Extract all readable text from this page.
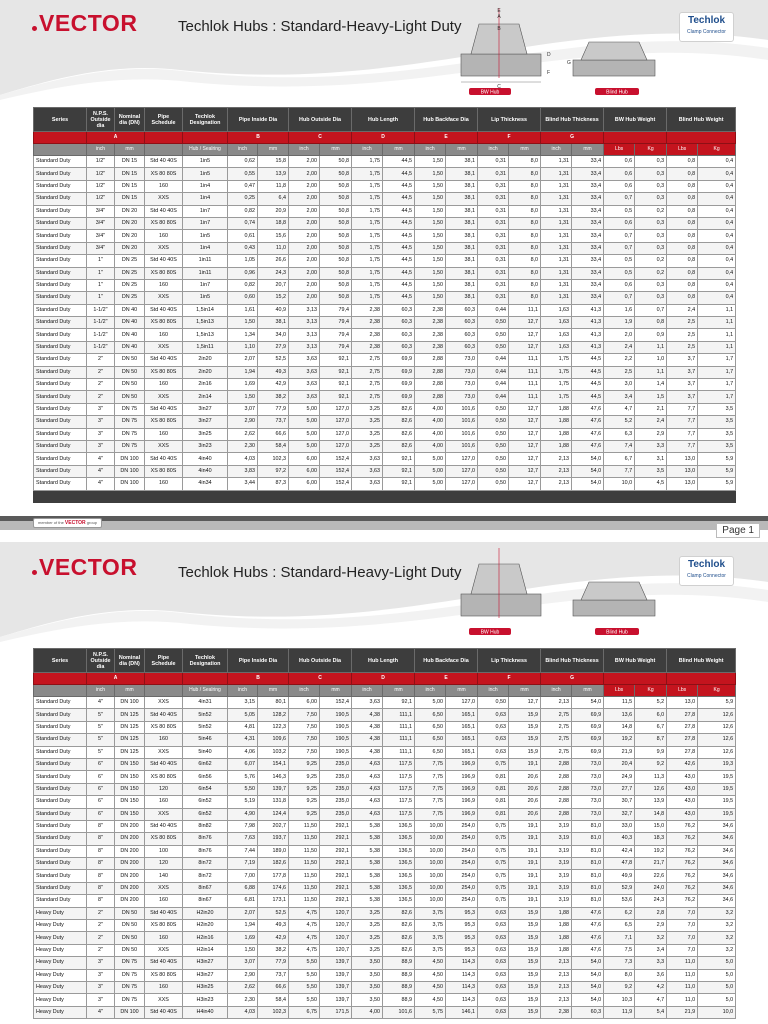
VECTOR	Techlok Hubs : Standard-Heavy-Light Duty
BW Hub
E
A
B
C
D
F
G
Blind Hub
Techlok
Clamp Connector
Series	N.P.S. Outside dia	Nominal dia (DN)	Pipe Schedule	Techlok Designation	Pipe Inside Dia		Hub Outside Dia		Hub Length		Hub Backface Dia		Lip Thickness		Blind Hub Thickness		BW Hub Weight		Blind Hub Weight	
	A				B		C		D		E		F		G					
	inch	mm		Hub / Sealring	inch	mm	inch	mm	inch	mm	inch	mm	inch	mm	inch	mm	Lbs	Kg	Lbs	Kg
Standard Duty	1/2"	DN 15	Std 40 40S	1in5	0,62	15,8	2,00	50,8	1,75	44,5	1,50	38,1	0,31	8,0	1,31	33,4	0,6	0,3	0,8	0,4
Standard Duty	1/2"	DN 15	XS 80 80S	1in5	0,55	13,9	2,00	50,8	1,75	44,5	1,50	38,1	0,31	8,0	1,31	33,4	0,6	0,3	0,8	0,4
Standard Duty	1/2"	DN 15	160	1in4	0,47	11,8	2,00	50,8	1,75	44,5	1,50	38,1	0,31	8,0	1,31	33,4	0,6	0,3	0,8	0,4
Standard Duty	1/2"	DN 15	XXS	1in4	0,25	6,4	2,00	50,8	1,75	44,5	1,50	38,1	0,31	8,0	1,31	33,4	0,7	0,3	0,8	0,4
Standard Duty	3/4"	DN 20	Std 40 40S	1in7	0,82	20,9	2,00	50,8	1,75	44,5	1,50	38,1	0,31	8,0	1,31	33,4	0,5	0,2	0,8	0,4
Standard Duty	3/4"	DN 20	XS 80 80S	1in7	0,74	18,8	2,00	50,8	1,75	44,5	1,50	38,1	0,31	8,0	1,31	33,4	0,6	0,3	0,8	0,4
Standard Duty	3/4"	DN 20	160	1in5	0,61	15,6	2,00	50,8	1,75	44,5	1,50	38,1	0,31	8,0	1,31	33,4	0,7	0,3	0,8	0,4
Standard Duty	3/4"	DN 20	XXS	1in4	0,43	11,0	2,00	50,8	1,75	44,5	1,50	38,1	0,31	8,0	1,31	33,4	0,7	0,3	0,8	0,4
Standard Duty	1"	DN 25	Std 40 40S	1in11	1,05	26,6	2,00	50,8	1,75	44,5	1,50	38,1	0,31	8,0	1,31	33,4	0,5	0,2	0,8	0,4
Standard Duty	1"	DN 25	XS 80 80S	1in11	0,96	24,3	2,00	50,8	1,75	44,5	1,50	38,1	0,31	8,0	1,31	33,4	0,5	0,2	0,8	0,4
Standard Duty	1"	DN 25	160	1in7	0,82	20,7	2,00	50,8	1,75	44,5	1,50	38,1	0,31	8,0	1,31	33,4	0,6	0,3	0,8	0,4
Standard Duty	1"	DN 25	XXS	1in5	0,60	15,2	2,00	50,8	1,75	44,5	1,50	38,1	0,31	8,0	1,31	33,4	0,7	0,3	0,8	0,4
Standard Duty	1-1/2"	DN 40	Std 40 40S	1,5in14	1,61	40,9	3,13	79,4	2,38	60,3	2,38	60,3	0,44	11,1	1,63	41,3	1,6	0,7	2,4	1,1
Standard Duty	1-1/2"	DN 40	XS 80 80S	1,5in13	1,50	38,1	3,13	79,4	2,38	60,3	2,38	60,3	0,50	12,7	1,63	41,3	1,9	0,8	2,5	1,1
Standard Duty	1-1/2"	DN 40	160	1,5in13	1,34	34,0	3,13	79,4	2,38	60,3	2,38	60,3	0,50	12,7	1,63	41,3	2,0	0,9	2,5	1,1
Standard Duty	1-1/2"	DN 40	XXS	1,5in11	1,10	27,9	3,13	79,4	2,38	60,3	2,38	60,3	0,50	12,7	1,63	41,3	2,4	1,1	2,5	1,1
Standard Duty	2"	DN 50	Std 40 40S	2in20	2,07	52,5	3,63	92,1	2,75	69,9	2,88	73,0	0,44	11,1	1,75	44,5	2,2	1,0	3,7	1,7
Standard Duty	2"	DN 50	XS 80 80S	2in20	1,94	49,3	3,63	92,1	2,75	69,9	2,88	73,0	0,44	11,1	1,75	44,5	2,5	1,1	3,7	1,7
Standard Duty	2"	DN 50	160	2in16	1,69	42,9	3,63	92,1	2,75	69,9	2,88	73,0	0,44	11,1	1,75	44,5	3,0	1,4	3,7	1,7
Standard Duty	2"	DN 50	XXS	2in14	1,50	38,2	3,63	92,1	2,75	69,9	2,88	73,0	0,44	11,1	1,75	44,5	3,4	1,5	3,7	1,7
Standard Duty	3"	DN 75	Std 40 40S	3in27	3,07	77,9	5,00	127,0	3,25	82,6	4,00	101,6	0,50	12,7	1,88	47,6	4,7	2,1	7,7	3,5
Standard Duty	3"	DN 75	XS 80 80S	3in27	2,90	73,7	5,00	127,0	3,25	82,6	4,00	101,6	0,50	12,7	1,88	47,6	5,2	2,4	7,7	3,5
Standard Duty	3"	DN 75	160	3in25	2,62	66,6	5,00	127,0	3,25	82,6	4,00	101,6	0,50	12,7	1,88	47,6	6,3	2,9	7,7	3,5
Standard Duty	3"	DN 75	XXS	3in23	2,30	58,4	5,00	127,0	3,25	82,6	4,00	101,6	0,50	12,7	1,88	47,6	7,4	3,3	7,7	3,5
Standard Duty	4"	DN 100	Std 40 40S	4in40	4,03	102,3	6,00	152,4	3,63	92,1	5,00	127,0	0,50	12,7	2,13	54,0	6,7	3,1	13,0	5,9
Standard Duty	4"	DN 100	XS 80 80S	4in40	3,83	97,2	6,00	152,4	3,63	92,1	5,00	127,0	0,50	12,7	2,13	54,0	7,7	3,5	13,0	5,9
Standard Duty	4"	DN 100	160	4in34	3,44	87,3	6,00	152,4	3,63	92,1	5,00	127,0	0,50	12,7	2,13	54,0	10,0	4,5	13,0	5,9

member of the VECTOR group
Page 1
VECTOR	Techlok Hubs : Standard-Heavy-Light Duty
BW Hub	Blind Hub
Techlok
Clamp Connector
Series	N.P.S. Outside dia	Nominal dia (DN)	Pipe Schedule	Techlok Designation	Pipe Inside Dia		Hub Outside Dia		Hub Length		Hub Backface Dia		Lip Thickness		Blind Hub Thickness		BW Hub Weight		Blind Hub Weight	
	A				B		C		D		E		F		G					
	inch	mm		Hub / Sealring	inch	mm	inch	mm	inch	mm	inch	mm	inch	mm	inch	mm	Lbs	Kg	Lbs	Kg
Standard Duty	4"	DN 100	XXS	4in31	3,15	80,1	6,00	152,4	3,63	92,1	5,00	127,0	0,50	12,7	2,13	54,0	11,5	5,2	13,0	5,9
Standard Duty	5"	DN 125	Std 40 40S	5in52	5,05	128,2	7,50	190,5	4,38	111,1	6,50	165,1	0,63	15,9	2,75	69,9	13,6	6,0	27,8	12,6
Standard Duty	5"	DN 125	XS 80 80S	5in52	4,81	122,3	7,50	190,5	4,38	111,1	6,50	165,1	0,63	15,9	2,75	69,9	14,8	6,7	27,8	12,6
Standard Duty	5"	DN 125	160	5in46	4,31	109,6	7,50	190,5	4,38	111,1	6,50	165,1	0,63	15,9	2,75	69,9	19,2	8,7	27,8	12,6
Standard Duty	5"	DN 125	XXS	5in40	4,06	103,2	7,50	190,5	4,38	111,1	6,50	165,1	0,63	15,9	2,75	69,9	21,9	9,9	27,8	12,6
Standard Duty	6"	DN 150	Std 40 40S	6in62	6,07	154,1	9,25	235,0	4,63	117,5	7,75	196,9	0,75	19,1	2,88	73,0	20,4	9,2	42,6	19,3
Standard Duty	6"	DN 150	XS 80 80S	6in56	5,76	146,3	9,25	235,0	4,63	117,5	7,75	196,9	0,81	20,6	2,88	73,0	24,9	11,3	43,0	19,5
Standard Duty	6"	DN 150	120	6in54	5,50	139,7	9,25	235,0	4,63	117,5	7,75	196,9	0,81	20,6	2,88	73,0	27,7	12,6	43,0	19,5
Standard Duty	6"	DN 150	160	6in52	5,19	131,8	9,25	235,0	4,63	117,5	7,75	196,9	0,81	20,6	2,88	73,0	30,7	13,9	43,0	19,5
Standard Duty	6"	DN 150	XXS	6in52	4,90	124,4	9,25	235,0	4,63	117,5	7,75	196,9	0,81	20,6	2,88	73,0	32,7	14,8	43,0	19,5
Standard Duty	8"	DN 200	Std 40 40S	8in82	7,98	202,7	11,50	292,1	5,38	136,5	10,00	254,0	0,75	19,1	3,19	81,0	33,0	15,0	76,2	34,6
Standard Duty	8"	DN 200	XS 80 80S	8in76	7,63	193,7	11,50	292,1	5,38	136,5	10,00	254,0	0,75	19,1	3,19	81,0	40,3	18,3	76,2	34,6
Standard Duty	8"	DN 200	100	8in76	7,44	189,0	11,50	292,1	5,38	136,5	10,00	254,0	0,75	19,1	3,19	81,0	42,4	19,2	76,2	34,6
Standard Duty	8"	DN 200	120	8in72	7,19	182,6	11,50	292,1	5,38	136,5	10,00	254,0	0,75	19,1	3,19	81,0	47,8	21,7	76,2	34,6
Standard Duty	8"	DN 200	140	8in72	7,00	177,8	11,50	292,1	5,38	136,5	10,00	254,0	0,75	19,1	3,19	81,0	49,9	22,6	76,2	34,6
Standard Duty	8"	DN 200	XXS	8in67	6,88	174,6	11,50	292,1	5,38	136,5	10,00	254,0	0,75	19,1	3,19	81,0	52,9	24,0	76,2	34,6
Standard Duty	8"	DN 200	160	8in67	6,81	173,1	11,50	292,1	5,38	136,5	10,00	254,0	0,75	19,1	3,19	81,0	53,6	24,3	76,2	34,6
Heavy Duty	2"	DN 50	Std 40 40S	H2in20	2,07	52,5	4,75	120,7	3,25	82,6	3,75	95,3	0,63	15,9	1,88	47,6	6,2	2,8	7,0	3,2
Heavy Duty	2"	DN 50	XS 80 80S	H2in20	1,94	49,3	4,75	120,7	3,25	82,6	3,75	95,3	0,63	15,9	1,88	47,6	6,5	2,9	7,0	3,2
Heavy Duty	2"	DN 50	160	H2in16	1,69	42,9	4,75	120,7	3,25	82,6	3,75	95,3	0,63	15,9	1,88	47,6	7,1	3,2	7,0	3,2
Heavy Duty	2"	DN 50	XXS	H2in14	1,50	38,2	4,75	120,7	3,25	82,6	3,75	95,3	0,63	15,9	1,88	47,6	7,5	3,4	7,0	3,2
Heavy Duty	3"	DN 75	Std 40 40S	H3in27	3,07	77,9	5,50	139,7	3,50	88,9	4,50	114,3	0,63	15,9	2,13	54,0	7,3	3,3	11,0	5,0
Heavy Duty	3"	DN 75	XS 80 80S	H3in27	2,90	73,7	5,50	139,7	3,50	88,9	4,50	114,3	0,63	15,9	2,13	54,0	8,0	3,6	11,0	5,0
Heavy Duty	3"	DN 75	160	H3in25	2,62	66,6	5,50	139,7	3,50	88,9	4,50	114,3	0,63	15,9	2,13	54,0	9,2	4,2	11,0	5,0
Heavy Duty	3"	DN 75	XXS	H3in23	2,30	58,4	5,50	139,7	3,50	88,9	4,50	114,3	0,63	15,9	2,13	54,0	10,3	4,7	11,0	5,0
Heavy Duty	4"	DN 100	Std 40 40S	H4in40	4,03	102,3	6,75	171,5	4,00	101,6	5,75	146,1	0,63	15,9	2,38	60,3	11,9	5,4	21,9	10,0
